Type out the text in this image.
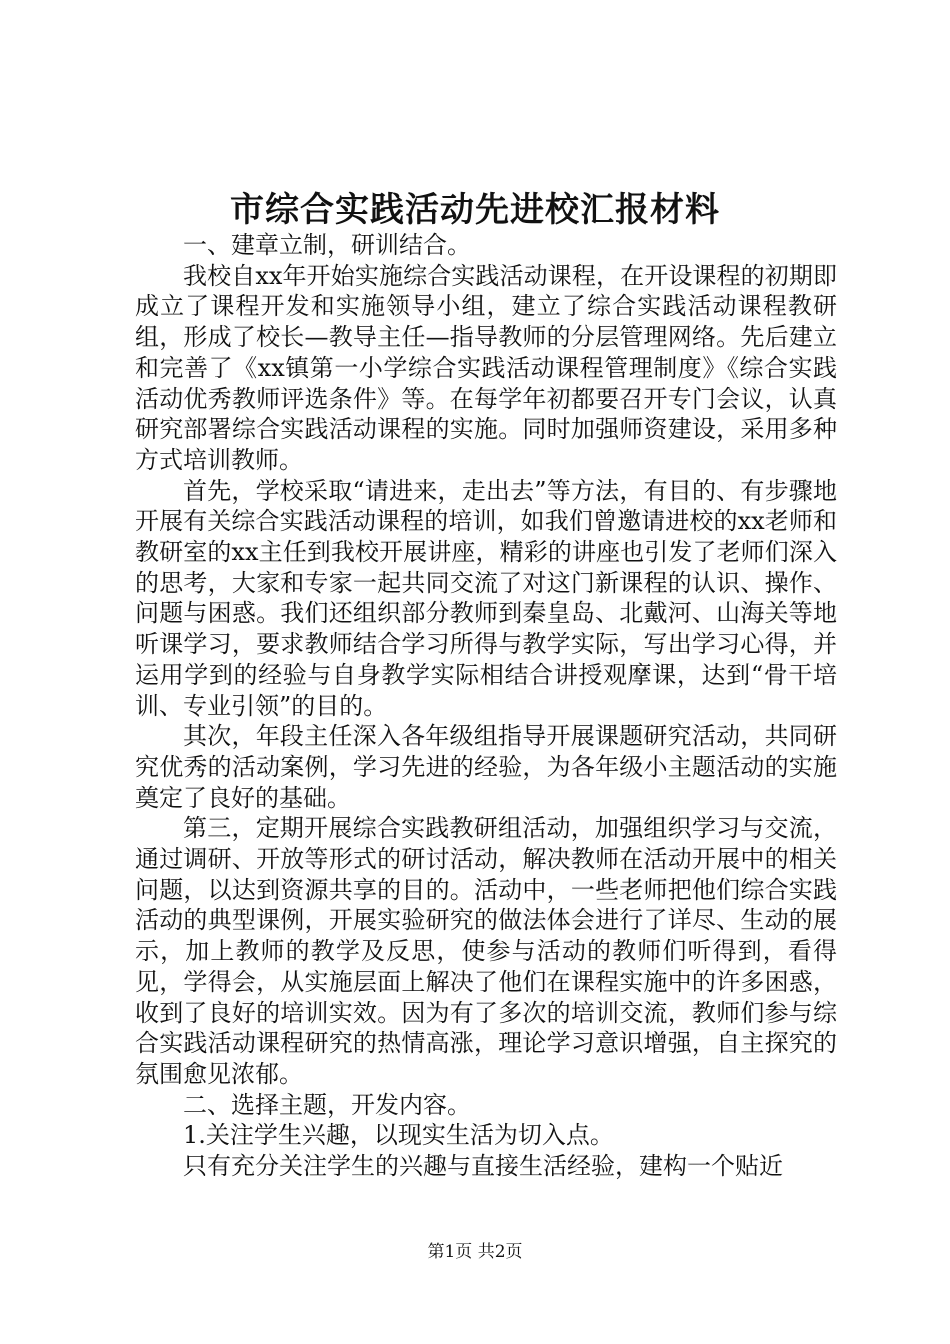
市综合实践活动先进校汇报材料

一、建章立制，研训结合。

我校自xx年开始实施综合实践活动课程，在开设课程的初期即成立了课程开发和实施领导小组，建立了综合实践活动课程教研组，形成了校长—教导主任—指导教师的分层管理网络。先后建立和完善了《xx镇第一小学综合实践活动课程管理制度》《综合实践活动优秀教师评选条件》等。在每学年初都要召开专门会议，认真研究部署综合实践活动课程的实施。同时加强师资建设，采用多种方式培训教师。

首先，学校采取“请进来，走出去”等方法，有目的、有步骤地开展有关综合实践活动课程的培训，如我们曾邀请进校的xx老师和教研室的xx主任到我校开展讲座，精彩的讲座也引发了老师们深入的思考，大家和专家一起共同交流了对这门新课程的认识、操作、问题与困惑。我们还组织部分教师到秦皇岛、北戴河、山海关等地听课学习，要求教师结合学习所得与教学实际，写出学习心得，并运用学到的经验与自身教学实际相结合讲授观摩课，达到“骨干培训、专业引领”的目的。

其次，年段主任深入各年级组指导开展课题研究活动，共同研究优秀的活动案例，学习先进的经验，为各年级小主题活动的实施奠定了良好的基础。

第三，定期开展综合实践教研组活动，加强组织学习与交流，通过调研、开放等形式的研讨活动，解决教师在活动开展中的相关问题，以达到资源共享的目的。活动中，一些老师把他们综合实践活动的典型课例，开展实验研究的做法体会进行了详尽、生动的展示，加上教师的教学及反思，使参与活动的教师们听得到，看得见，学得会，从实施层面上解决了他们在课程实施中的许多困惑，收到了良好的培训实效。因为有了多次的培训交流，教师们参与综合实践活动课程研究的热情高涨，理论学习意识增强，自主探究的氛围愈见浓郁。

二、选择主题，开发内容。

1.关注学生兴趣，以现实生活为切入点。

只有充分关注学生的兴趣与直接生活经验，建构一个贴近

第1页 共2页
